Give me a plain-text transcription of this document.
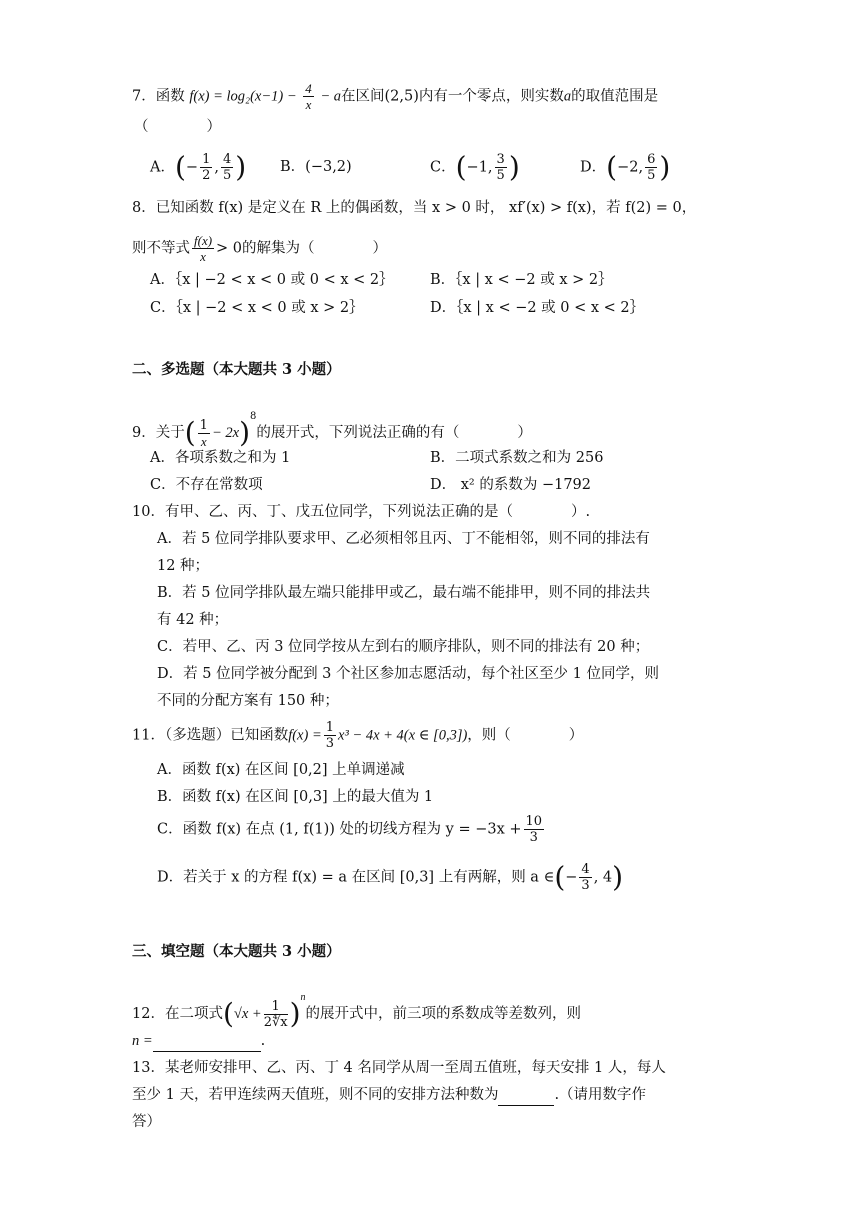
7．函数 $f(x) = \log_2(x-1) - \frac{4}{x} - a$在区间(2,5)内有一个零点，则实数a的取值范围是
（　　　　）
A．(− $\frac{1}{2}$ , $\frac{4}{5}$ ) B．(−3,2)	C．(−1, $\frac{3}{5}$ )	D．(−2, $\frac{6}{5}$ )
8．已知函数 f(x) 是定义在 R 上的偶函数，当 x > 0 时， xf′(x) > f(x)，若 f(2) = 0，
则不等式 $\frac{f(x)}{x} > 0$的解集为（　　　　）
A．｛x | −2 < x < 0 或 0 < x < 2｝	B．｛x | x < −2 或 x > 2｝
C．｛x | −2 < x < 0 或 x > 2｝	D．｛x | x < −2 或 0 < x < 2｝
二、多选题（本大题共 3 小题）
9．关于( $\frac{1}{x} - 2x)^8$的展开式，下列说法正确的有（　　　　）
A．各项系数之和为 1	B．二项式系数之和为 256
C．不存在常数项	D． x² 的系数为 −1792
10．有甲、乙、丙、丁、戊五位同学，下列说法正确的是（　　　　）.
A．若 5 位同学排队要求甲、乙必须相邻且丙、丁不能相邻，则不同的排法有
12 种；
B．若 5 位同学排队最左端只能排甲或乙，最右端不能排甲，则不同的排法共
有 42 种；
C．若甲、乙、丙 3 位同学按从左到右的顺序排队，则不同的排法有 20 种；
D．若 5 位同学被分配到 3 个社区参加志愿活动，每个社区至少 1 位同学，则
不同的分配方案有 150 种；
11．（多选题）已知函数$f(x) = \frac{1}{3} x^3 - 4x + 4(x$ ∈ [0,3])，则（　　　　）
A．函数 f(x) 在区间 [0,2] 上单调递减
B．函数 f(x) 在区间 [0,3] 上的最大值为 1
C．函数 f(x) 在点 (1, f(1)) 处的切线方程为 $y = -3x + \frac{10}{3}$
D．若关于 x 的方程 f(x) = a 在区间 [0,3] 上有两解，则 a ∈(− $\frac{4}{3}$ , 4)
三、填空题（本大题共 3 小题）
12．在二项式$(√x + \frac{1}{2∜x} )^n$的展开式中，前三项的系数成等差数列，则
n =	.
13．某老师安排甲、乙、丙、丁 4 名同学从周一至周五值班，每天安排 1 人，每人
至少 1 天，若甲连续两天值班，则不同的安排方法种数为	.（请用数字作
答）
